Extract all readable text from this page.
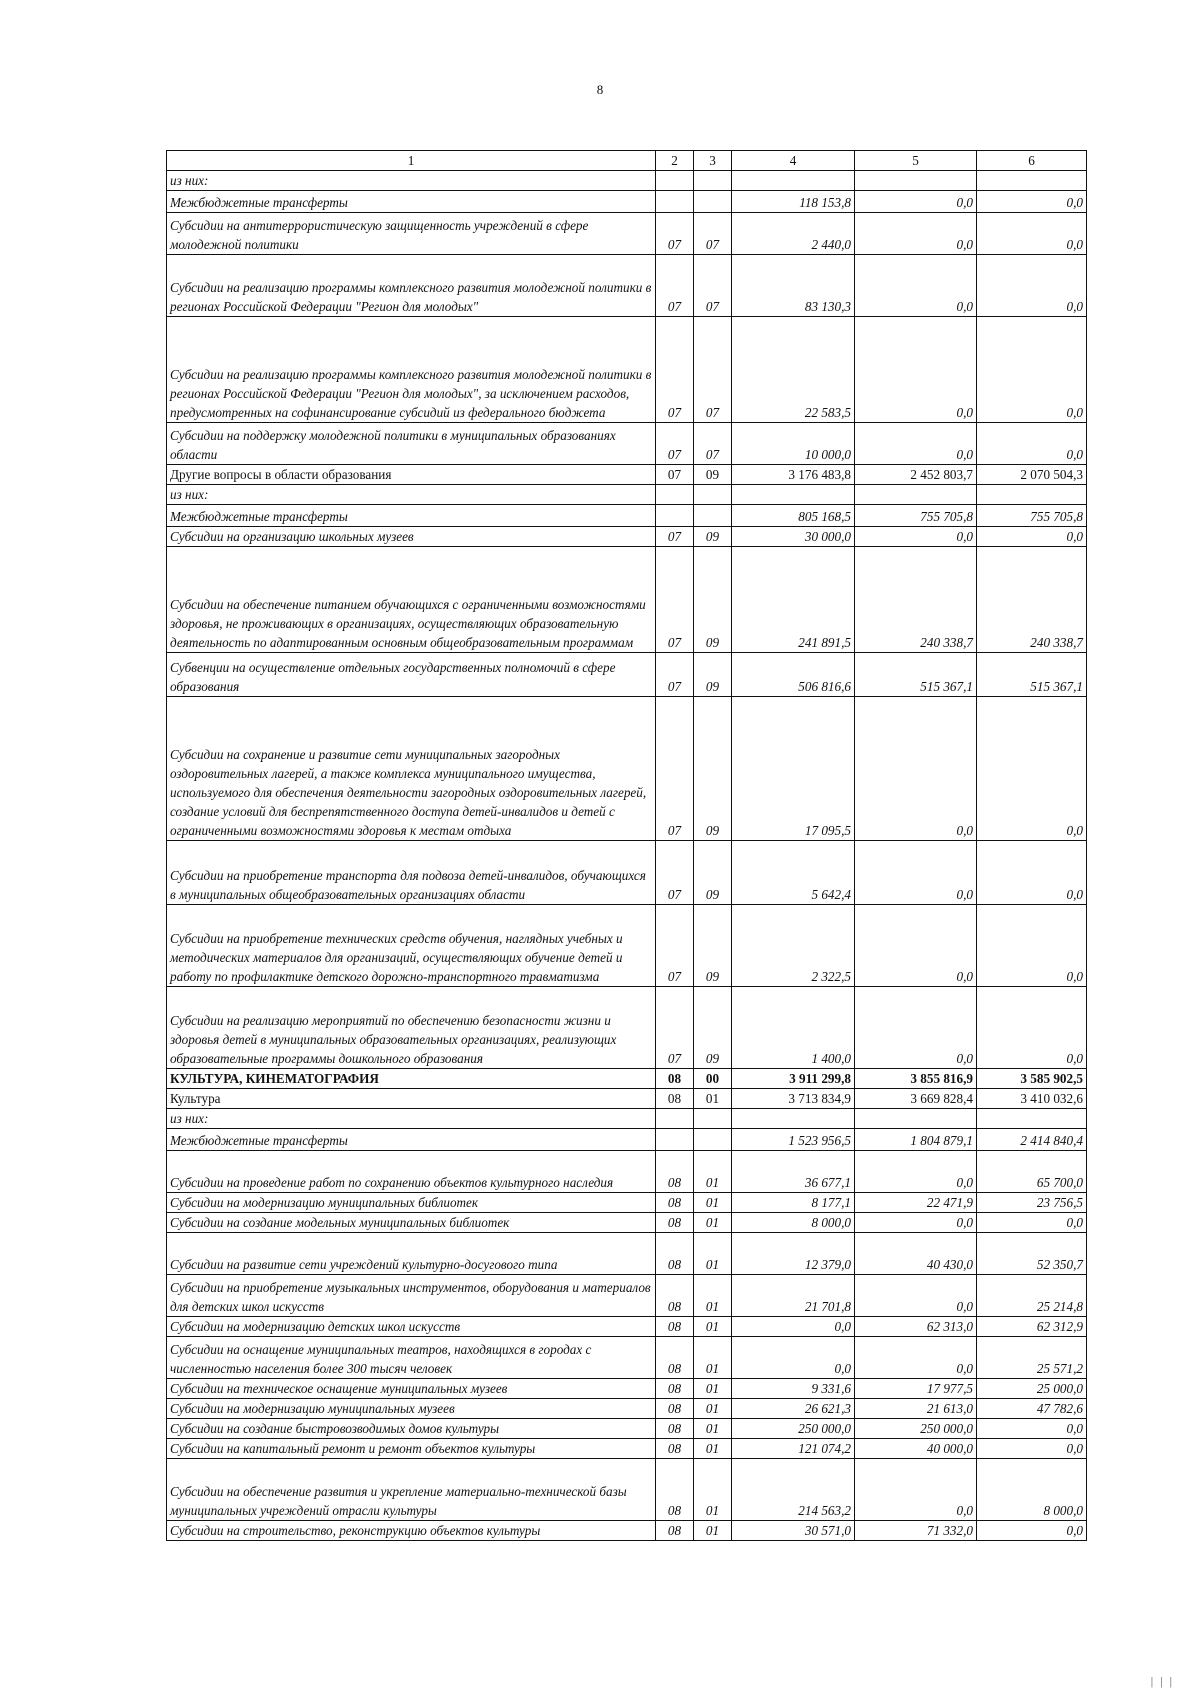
8
1	2	3	4	5	6
из них:					
Межбюджетные трансферты			118 153,8	0,0	0,0
Субсидии на антитеррористическую защищенность учреждений в сфере молодежной политики	07	07	2 440,0	0,0	0,0
Субсидии на реализацию программы комплексного развития молодежной политики в регионах Российской Федерации "Регион для молодых"	07	07	83 130,3	0,0	0,0
Субсидии на реализацию программы комплексного развития молодежной политики в регионах Российской Федерации "Регион для молодых", за исключением расходов, предусмотренных на софинансирование субсидий из федерального бюджета	07	07	22 583,5	0,0	0,0
Субсидии на поддержку молодежной политики в муниципальных образованиях области	07	07	10 000,0	0,0	0,0
Другие вопросы в области образования	07	09	3 176 483,8	2 452 803,7	2 070 504,3
из них:					
Межбюджетные трансферты			805 168,5	755 705,8	755 705,8
Субсидии на организацию школьных музеев	07	09	30 000,0	0,0	0,0
Субсидии на обеспечение питанием обучающихся с ограниченными возможностями здоровья, не проживающих в организациях, осуществляющих образовательную деятельность по адаптированным основным общеобразовательным программам	07	09	241 891,5	240 338,7	240 338,7
Субвенции на осуществление отдельных государственных полномочий в сфере образования	07	09	506 816,6	515 367,1	515 367,1
Субсидии на сохранение и развитие сети муниципальных загородных оздоровительных лагерей, а также комплекса муниципального имущества, используемого для обеспечения деятельности загородных оздоровительных лагерей, создание условий для беспрепятственного доступа детей-инвалидов и детей с ограниченными возможностями здоровья к местам отдыха	07	09	17 095,5	0,0	0,0
Субсидии на приобретение транспорта для подвоза детей-инвалидов, обучающихся в муниципальных общеобразовательных организациях области	07	09	5 642,4	0,0	0,0
Субсидии на приобретение технических средств обучения, наглядных учебных и методических материалов для организаций, осуществляющих обучение детей и работу по профилактике детского дорожно-транспортного травматизма	07	09	2 322,5	0,0	0,0
Субсидии на реализацию мероприятий по обеспечению безопасности жизни и здоровья детей в муниципальных образовательных организациях, реализующих образовательные программы дошкольного образования	07	09	1 400,0	0,0	0,0
КУЛЬТУРА, КИНЕМАТОГРАФИЯ	08	00	3 911 299,8	3 855 816,9	3 585 902,5
Культура	08	01	3 713 834,9	3 669 828,4	3 410 032,6
из них:					
Межбюджетные трансферты			1 523 956,5	1 804 879,1	2 414 840,4
Субсидии на проведение работ по сохранению объектов культурного наследия	08	01	36 677,1	0,0	65 700,0
Субсидии на модернизацию муниципальных библиотек	08	01	8 177,1	22 471,9	23 756,5
Субсидии на создание модельных муниципальных библиотек	08	01	8 000,0	0,0	0,0
Субсидии на развитие сети учреждений культурно-досугового типа	08	01	12 379,0	40 430,0	52 350,7
Субсидии на приобретение музыкальных инструментов, оборудования и материалов для детских школ искусств	08	01	21 701,8	0,0	25 214,8
Субсидии на модернизацию детских школ искусств	08	01	0,0	62 313,0	62 312,9
Субсидии на оснащение муниципальных театров, находящихся в городах с численностью населения более 300 тысяч человек	08	01	0,0	0,0	25 571,2
Субсидии на техническое оснащение муниципальных музеев	08	01	9 331,6	17 977,5	25 000,0
Субсидии на модернизацию муниципальных музеев	08	01	26 621,3	21 613,0	47 782,6
Субсидии на создание быстровозводимых домов культуры	08	01	250 000,0	250 000,0	0,0
Субсидии на капитальный ремонт и ремонт объектов культуры	08	01	121 074,2	40 000,0	0,0
Субсидии на обеспечение развития и укрепление материально-технической базы муниципальных учреждений отрасли культуры	08	01	214 563,2	0,0	8 000,0
Субсидии на строительство, реконструкцию объектов культуры	08	01	30 571,0	71 332,0	0,0
| | |
